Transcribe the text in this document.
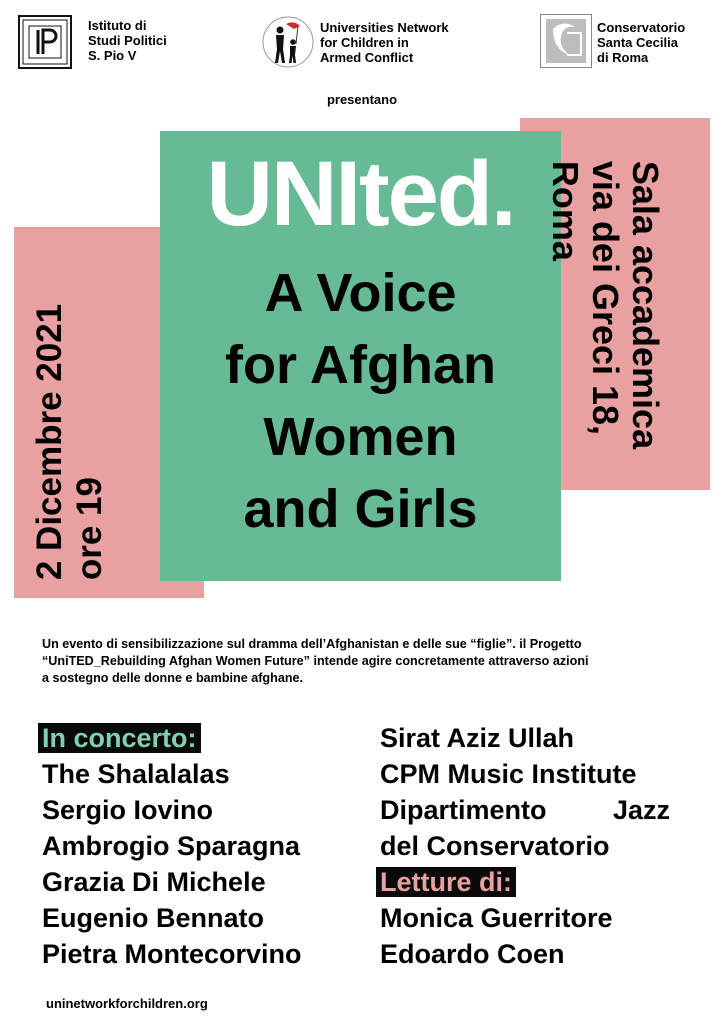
Istituto di
Studi Politici
S. Pio V
Universities Network
for Children in
Armed Conflict
Conservatorio
Santa Cecilia
di Roma
presentano
2 Dicembre 2021 ore 19
Sala accademica
via dei Greci 18,
Roma
UNIted.
A Voice
for Afghan
Women
and Girls
Un evento di sensibilizzazione sul dramma dell’Afghanistan e delle sue “figlie”. il Progetto
“UniTED_Rebuilding Afghan Women Future” intende agire concretamente attraverso azioni
a sostegno delle donne e bambine afghane.
In concerto:
The Shalalalas
Sergio Iovino
Ambrogio Sparagna
Grazia Di Michele
Eugenio Bennato
Pietra Montecorvino
Sirat Aziz Ullah
CPM Music Institute
Dipartimento Jazz
del Conservatorio
Letture di:
Monica Guerritore
Edoardo Coen
uninetworkforchildren.org
